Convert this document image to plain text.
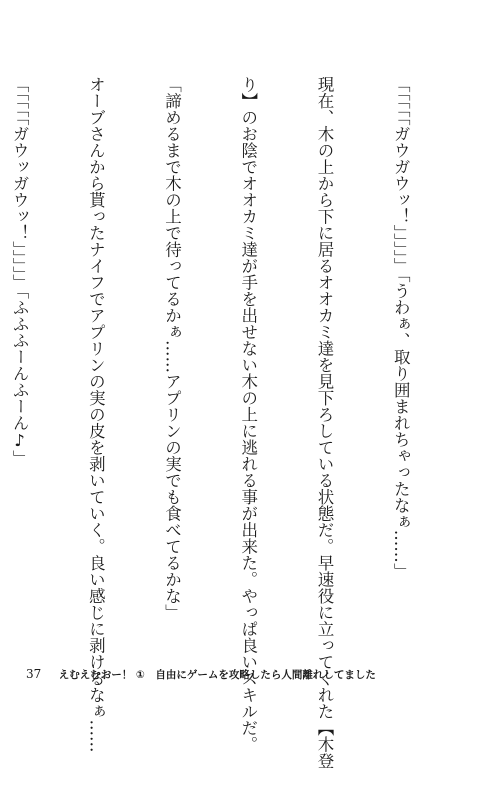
「「「「「ガウガウッ！」」」」」「うわぁ、取り囲まれちゃったなぁ……」

現在、木の上から下に居るオオカミ達を見下ろしている状態だ。早速役に立ってくれた【木登

り】のお陰でオオカミ達が手を出せない木の上に逃れる事が出来た。やっぱ良いスキルだ。

「諦めるまで木の上で待ってるかぁ……アプリンの実でも食べてるかな」

オーブさんから貰ったナイフでアプリンの実の皮を剥いていく。良い感じに剥けるなぁ……

「「「「「ガウッガウッ！」」」」」「ふふふーんふーん♪」

37 えむえむおー！ ①　自由にゲームを攻略したら人間離れしてました
